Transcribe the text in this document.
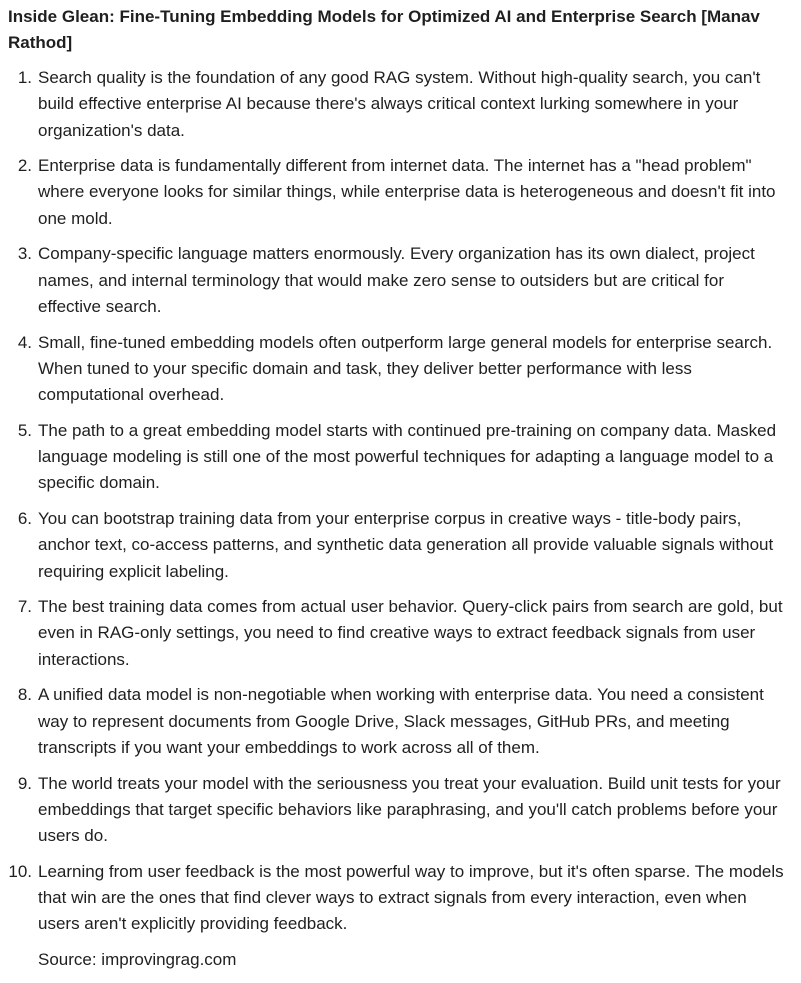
Inside Glean: Fine-Tuning Embedding Models for Optimized AI and Enterprise Search [Manav Rathod]
1. Search quality is the foundation of any good RAG system. Without high-quality search, you can't build effective enterprise AI because there's always critical context lurking somewhere in your organization's data.
2. Enterprise data is fundamentally different from internet data. The internet has a "head problem" where everyone looks for similar things, while enterprise data is heterogeneous and doesn't fit into one mold.
3. Company-specific language matters enormously. Every organization has its own dialect, project names, and internal terminology that would make zero sense to outsiders but are critical for effective search.
4. Small, fine-tuned embedding models often outperform large general models for enterprise search. When tuned to your specific domain and task, they deliver better performance with less computational overhead.
5. The path to a great embedding model starts with continued pre-training on company data. Masked language modeling is still one of the most powerful techniques for adapting a language model to a specific domain.
6. You can bootstrap training data from your enterprise corpus in creative ways - title-body pairs, anchor text, co-access patterns, and synthetic data generation all provide valuable signals without requiring explicit labeling.
7. The best training data comes from actual user behavior. Query-click pairs from search are gold, but even in RAG-only settings, you need to find creative ways to extract feedback signals from user interactions.
8. A unified data model is non-negotiable when working with enterprise data. You need a consistent way to represent documents from Google Drive, Slack messages, GitHub PRs, and meeting transcripts if you want your embeddings to work across all of them.
9. The world treats your model with the seriousness you treat your evaluation. Build unit tests for your embeddings that target specific behaviors like paraphrasing, and you'll catch problems before your users do.
10. Learning from user feedback is the most powerful way to improve, but it's often sparse. The models that win are the ones that find clever ways to extract signals from every interaction, even when users aren't explicitly providing feedback.
Source: improvingrag.com
